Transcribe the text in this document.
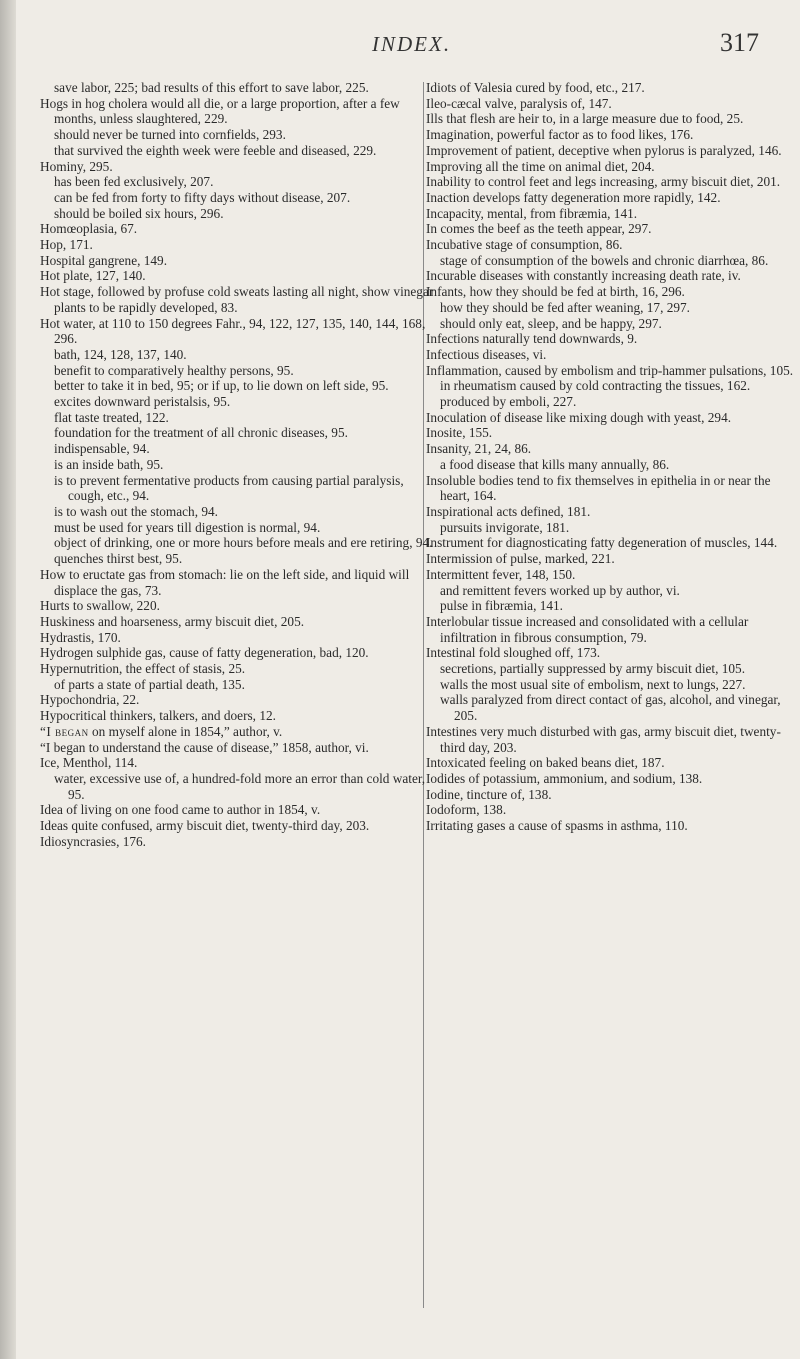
INDEX.	317
save labor, 225; bad results of this effort to save labor, 225.
Hogs in hog cholera would all die, or a large proportion, after a few months, unless slaughtered, 229.
should never be turned into cornfields, 293.
that survived the eighth week were feeble and diseased, 229.
Hominy, 295.
has been fed exclusively, 207.
can be fed from forty to fifty days without disease, 207.
should be boiled six hours, 296.
Homœoplasia, 67.
Hop, 171.
Hospital gangrene, 149.
Hot plate, 127, 140.
Hot stage, followed by profuse cold sweats lasting all night, show vinegar plants to be rapidly developed, 83.
Hot water, at 110 to 150 degrees Fahr., 94, 122, 127, 135, 140, 144, 168, 296.
bath, 124, 128, 137, 140.
benefit to comparatively healthy persons, 95.
better to take it in bed, 95; or if up, to lie down on left side, 95.
excites downward peristalsis, 95.
flat taste treated, 122.
foundation for the treatment of all chronic diseases, 95.
indispensable, 94.
is an inside bath, 95.
is to prevent fermentative products from causing partial paralysis, cough, etc., 94.
is to wash out the stomach, 94.
must be used for years till digestion is normal, 94.
object of drinking, one or more hours before meals and ere retiring, 94.
quenches thirst best, 95.
How to eructate gas from stomach: lie on the left side, and liquid will displace the gas, 73.
Hurts to swallow, 220.
Huskiness and hoarseness, army biscuit diet, 205.
Hydrastis, 170.
Hydrogen sulphide gas, cause of fatty degeneration, bad, 120.
Hypernutrition, the effect of stasis, 25.
of parts a state of partial death, 135.
Hypochondria, 22.
Hypocritical thinkers, talkers, and doers, 12.
“I began on myself alone in 1854,” author, v.
“I began to understand the cause of disease,” 1858, author, vi.
Ice, Menthol, 114.
water, excessive use of, a hundred-fold more an error than cold water, 95.
Idea of living on one food came to author in 1854, v.
Ideas quite confused, army biscuit diet, twenty-third day, 203.
Idiosyncrasies, 176.
Idiots of Valesia cured by food, etc., 217.
Ileo-cæcal valve, paralysis of, 147.
Ills that flesh are heir to, in a large measure due to food, 25.
Imagination, powerful factor as to food likes, 176.
Improvement of patient, deceptive when pylorus is paralyzed, 146.
Improving all the time on animal diet, 204.
Inability to control feet and legs increasing, army biscuit diet, 201.
Inaction develops fatty degeneration more rapidly, 142.
Incapacity, mental, from fibræmia, 141.
In comes the beef as the teeth appear, 297.
Incubative stage of consumption, 86.
stage of consumption of the bowels and chronic diarrhœa, 86.
Incurable diseases with constantly increasing death rate, iv.
Infants, how they should be fed at birth, 16, 296.
how they should be fed after weaning, 17, 297.
should only eat, sleep, and be happy, 297.
Infections naturally tend downwards, 9.
Infectious diseases, vi.
Inflammation, caused by embolism and trip-hammer pulsations, 105.
in rheumatism caused by cold contracting the tissues, 162.
produced by emboli, 227.
Inoculation of disease like mixing dough with yeast, 294.
Inosite, 155.
Insanity, 21, 24, 86.
a food disease that kills many annually, 86.
Insoluble bodies tend to fix themselves in epithelia in or near the heart, 164.
Inspirational acts defined, 181.
pursuits invigorate, 181.
Instrument for diagnosticating fatty degeneration of muscles, 144.
Intermission of pulse, marked, 221.
Intermittent fever, 148, 150.
and remittent fevers worked up by author, vi.
pulse in fibræmia, 141.
Interlobular tissue increased and consolidated with a cellular infiltration in fibrous consumption, 79.
Intestinal fold sloughed off, 173.
secretions, partially suppressed by army biscuit diet, 105.
walls the most usual site of embolism, next to lungs, 227.
walls paralyzed from direct contact of gas, alcohol, and vinegar, 205.
Intestines very much disturbed with gas, army biscuit diet, twenty-third day, 203.
Intoxicated feeling on baked beans diet, 187.
Iodides of potassium, ammonium, and sodium, 138.
Iodine, tincture of, 138.
Iodoform, 138.
Irritating gases a cause of spasms in asthma, 110.
